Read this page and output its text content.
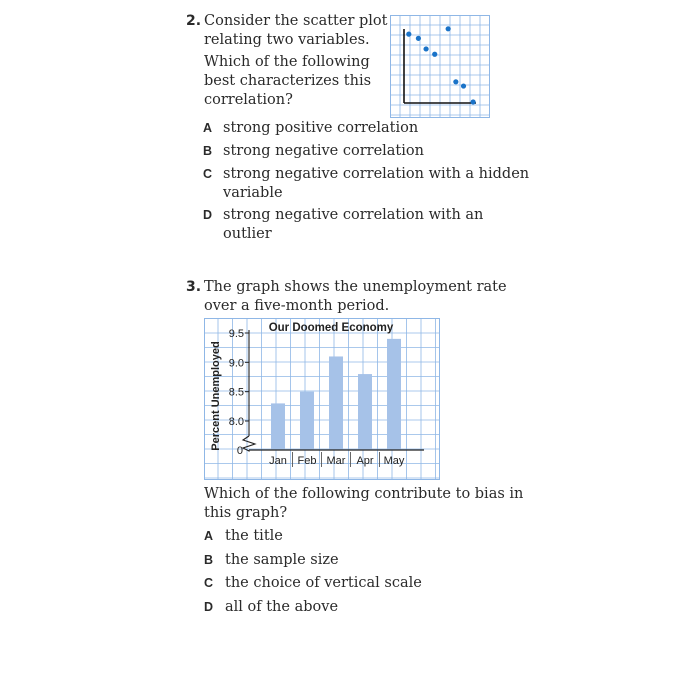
2. Consider the scatter plot
relating two variables.
Which of the following
best characterizes this
correlation?
A strong positive correlation
B strong negative correlation
C strong negative correlation with a hidden
variable
D strong negative correlation with an
outlier
3. The graph shows the unemployment rate
over a five-month period.
Our Doomed Economy
Percent Unemployed
9.5
9.0
8.5
8.0
0
Jan Feb Mar Apr May
Which of the following contribute to bias in
this graph?
A the title
B the sample size
C the choice of vertical scale
D all of the above
